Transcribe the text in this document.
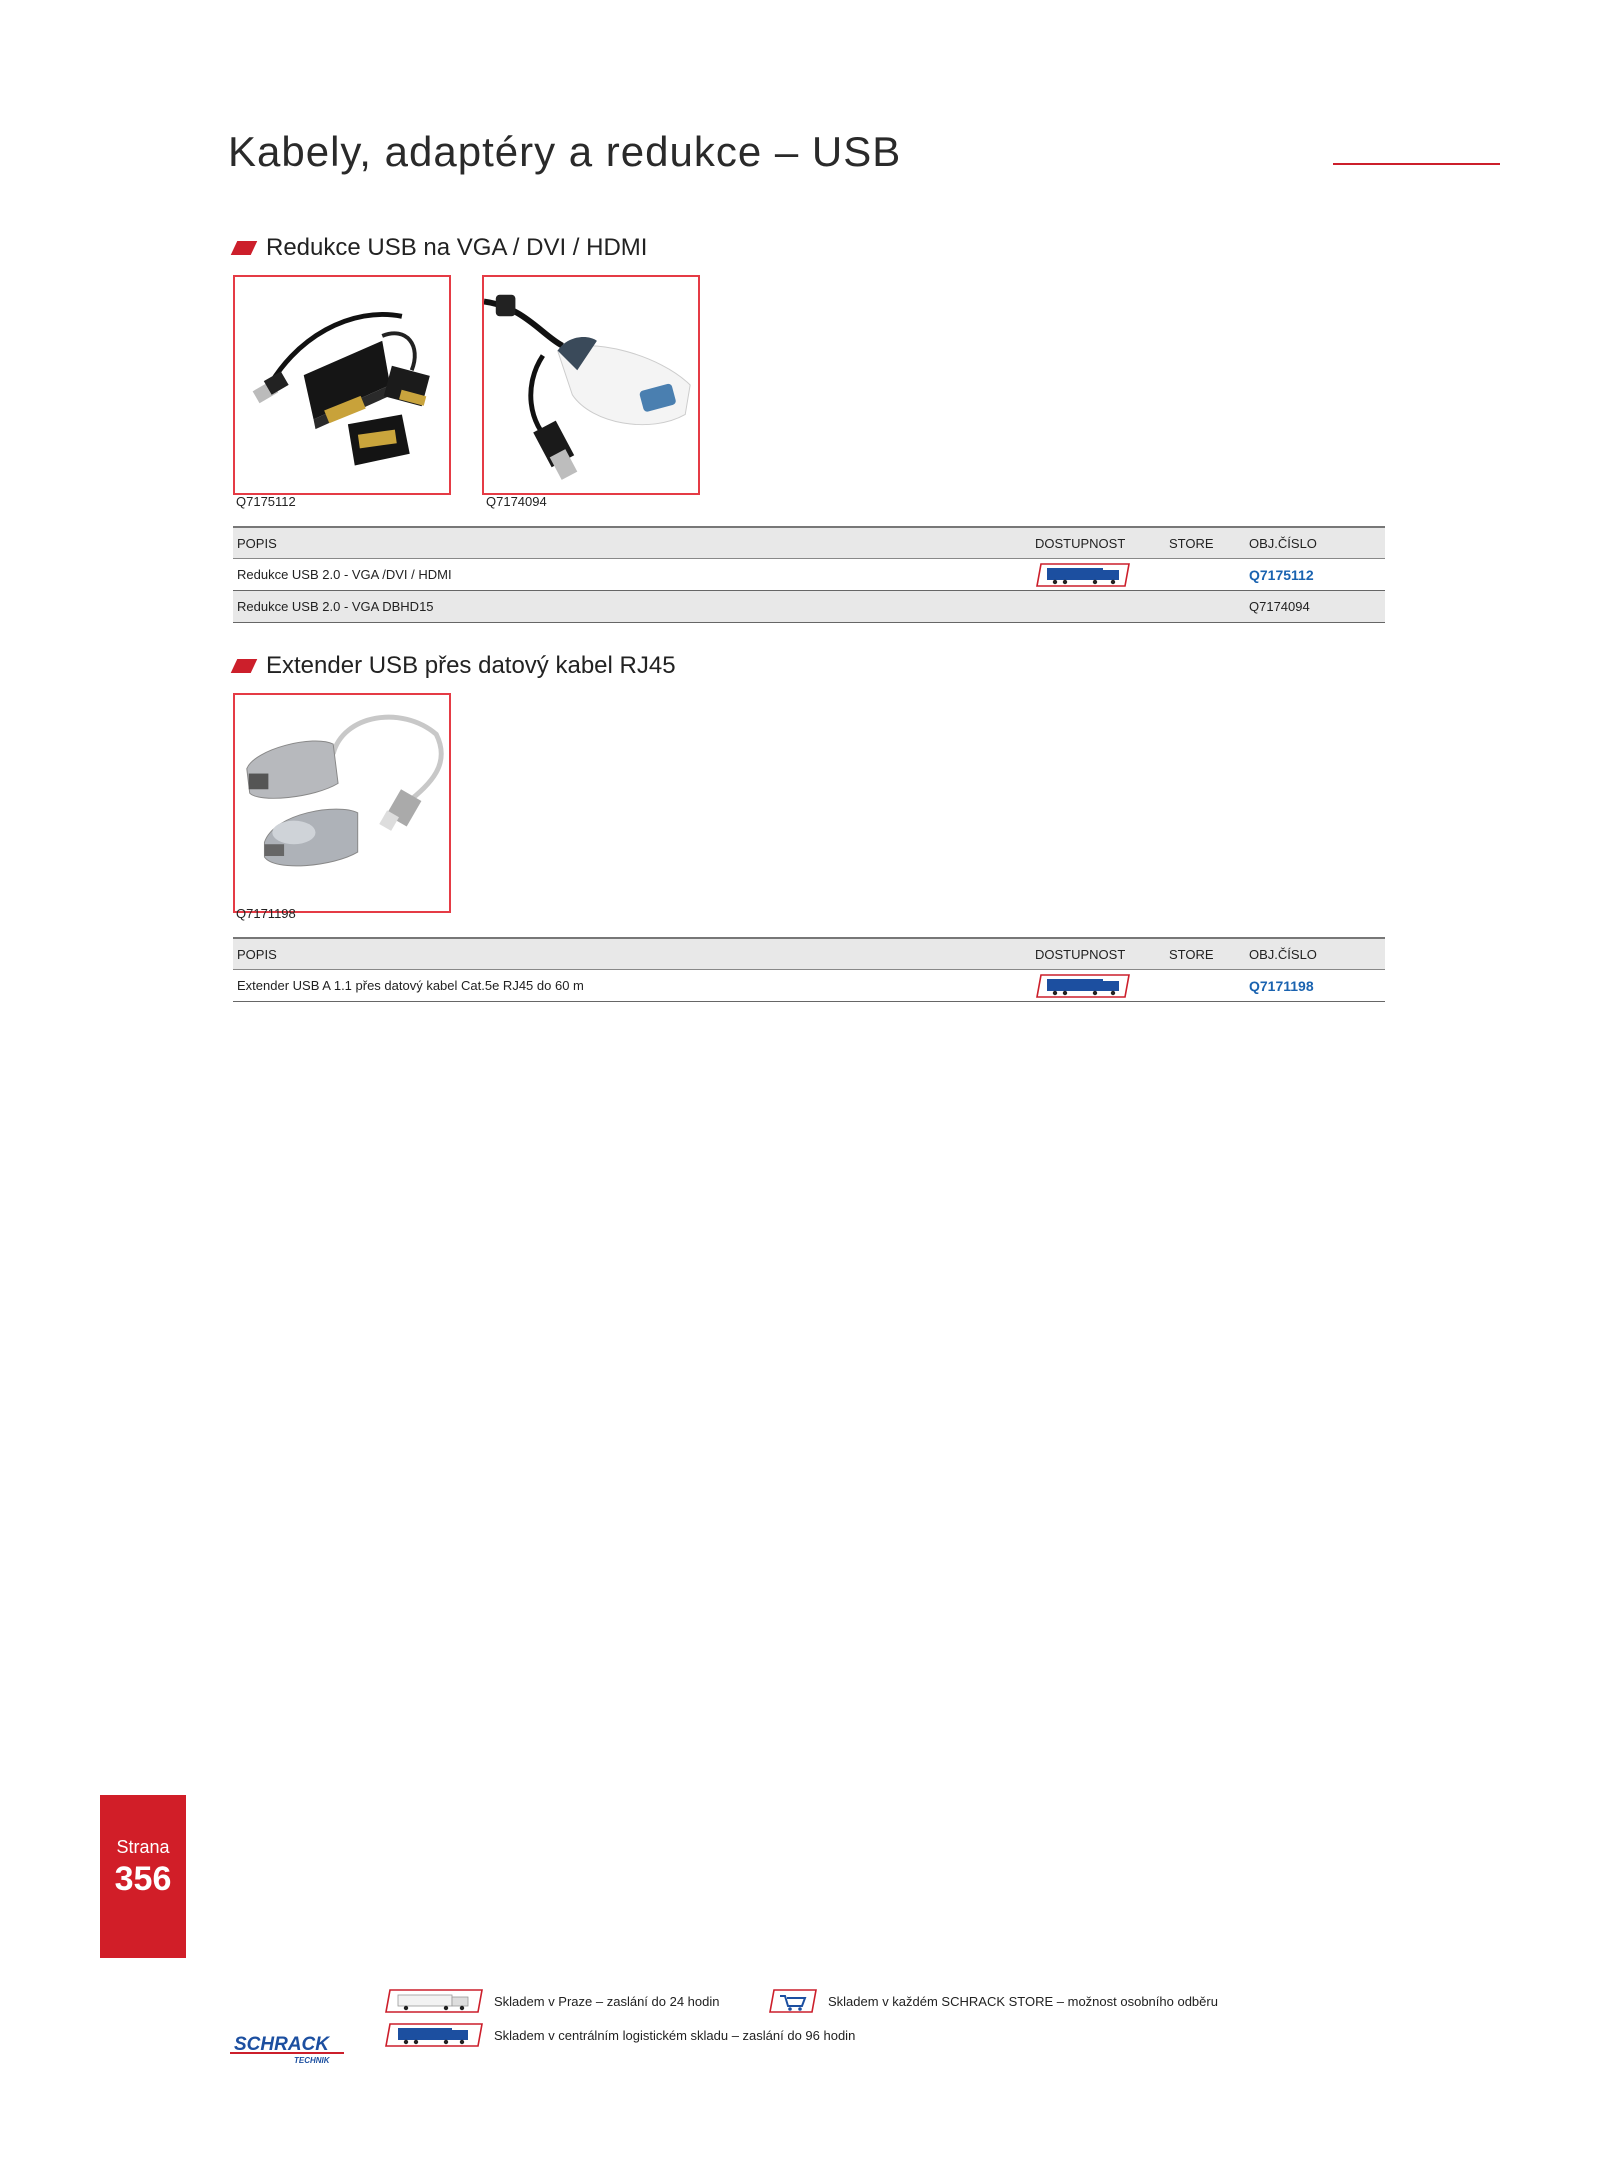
Kabely, adaptéry a redukce – USB
Redukce USB na VGA / DVI / HDMI
Q7175112	Q7174094
POPIS	DOSTUPNOST	STORE	OBJ.ČÍSLO
Redukce USB 2.0 - VGA /DVI / HDMI			Q7175112
Redukce USB 2.0 - VGA DBHD15			Q7174094
Extender USB přes datový kabel RJ45
Q7171198
POPIS	DOSTUPNOST	STORE	OBJ.ČÍSLO
Extender USB A 1.1 přes datový kabel Cat.5e RJ45 do 60 m			Q7171198
Strana
356
Skladem v Praze – zaslání do 24 hodin	Skladem v každém SCHRACK STORE – možnost osobního odběru
Skladem v centrálním logistickém skladu – zaslání do 96 hodin
SCHRACK
TECHNIK
